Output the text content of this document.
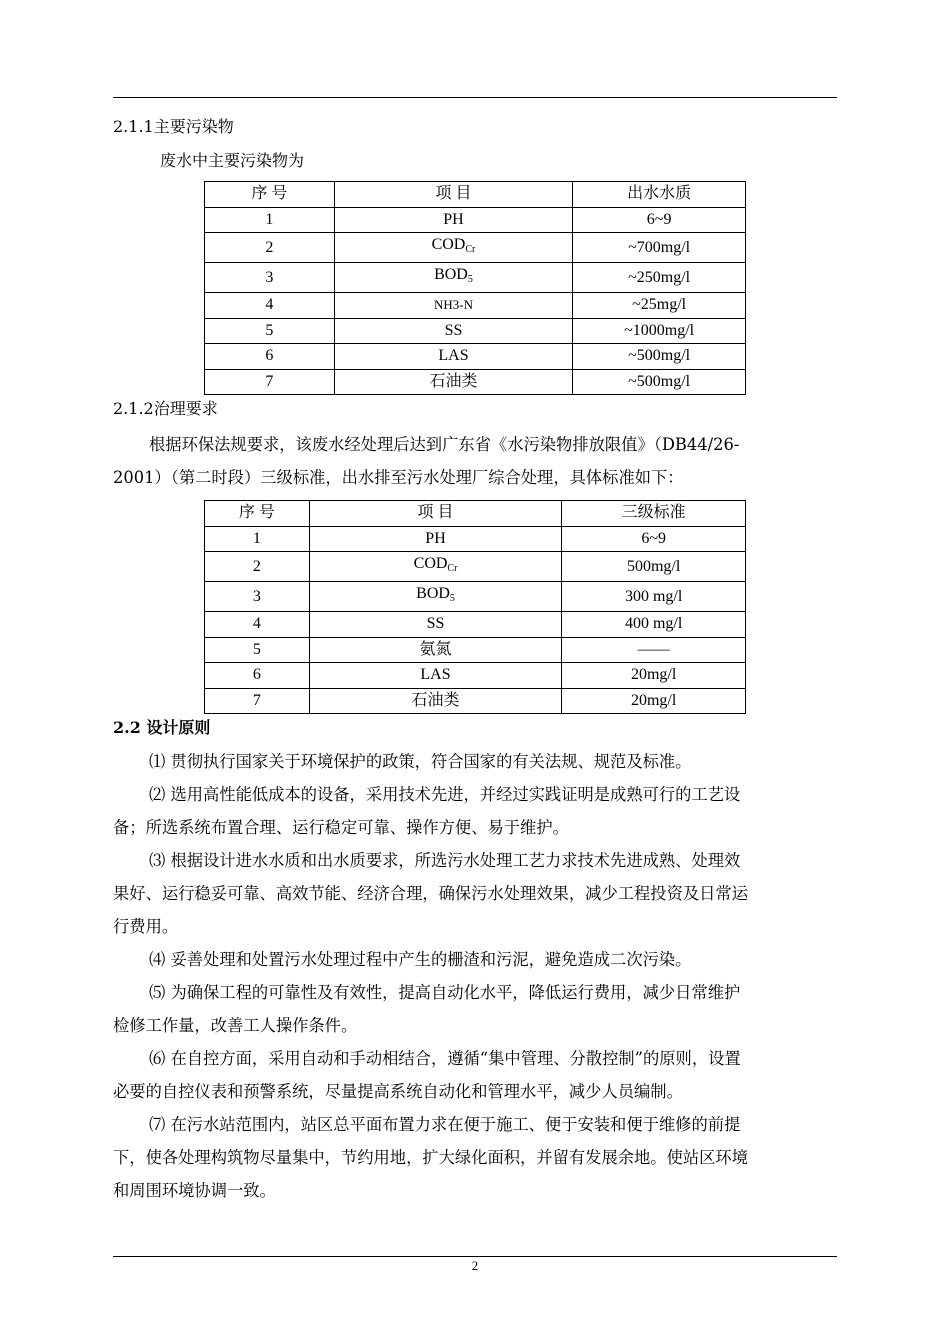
2.1.1主要污染物
废水中主要污染物为
序 号	项 目	出水水质
1	PH	6~9
2	$COD_{Cr}$	~700mg/l
3	$BOD_5$	~250mg/l
4	NH3-N	~25mg/l
5	SS	~1000mg/l
6	LAS	~500mg/l
7	石油类	~500mg/l
2.1.2治理要求
根据环保法规要求，该废水经处理后达到广东省《水污染物排放限值》（DB44/26-
2001）（第二时段）三级标准，出水排至污水处理厂综合处理，具体标准如下：
序 号	项 目	三级标准
1	PH	6~9
2	$COD_{Cr}$	500mg/l
3	$BOD_5$	300 mg/l
4	SS	400 mg/l
5	氨氮	——
6	LAS	20mg/l
7	石油类	20mg/l
2.2 设计原则
⑴ 贯彻执行国家关于环境保护的政策，符合国家的有关法规、规范及标准。
⑵ 选用高性能低成本的设备，采用技术先进，并经过实践证明是成熟可行的工艺设
备；所选系统布置合理、运行稳定可靠、操作方便、易于维护。
⑶ 根据设计进水水质和出水质要求，所选污水处理工艺力求技术先进成熟、处理效
果好、运行稳妥可靠、高效节能、经济合理，确保污水处理效果，减少工程投资及日常运
行费用。
⑷ 妥善处理和处置污水处理过程中产生的栅渣和污泥，避免造成二次污染。
⑸ 为确保工程的可靠性及有效性，提高自动化水平，降低运行费用，减少日常维护
检修工作量，改善工人操作条件。
⑹ 在自控方面，采用自动和手动相结合，遵循“集中管理、分散控制”的原则，设置
必要的自控仪表和预警系统，尽量提高系统自动化和管理水平，减少人员编制。
⑺ 在污水站范围内，站区总平面布置力求在便于施工、便于安装和便于维修的前提
下，使各处理构筑物尽量集中，节约用地，扩大绿化面积，并留有发展余地。使站区环境
和周围环境协调一致。
2
